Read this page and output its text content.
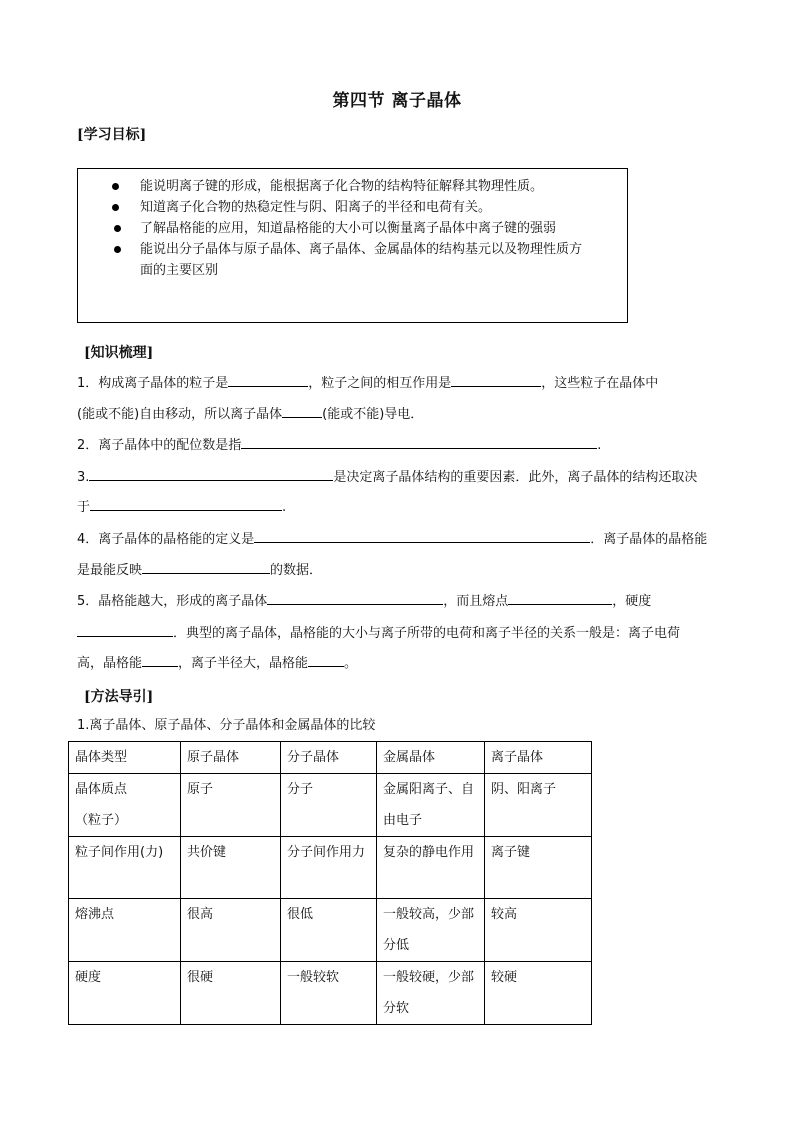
第四节 离子晶体
[学习目标]
能说明离子键的形成，能根据离子化合物的结构特征解释其物理性质。
知道离子化合物的热稳定性与阴、阳离子的半径和电荷有关。
了解晶格能的应用，知道晶格能的大小可以衡量离子晶体中离子键的强弱
能说出分子晶体与原子晶体、离子晶体、金属晶体的结构基元以及物理性质方
面的主要区别
[知识梳理]
1．构成离子晶体的粒子是	，粒子之间的相互作用是	，这些粒子在晶体中
(能或不能)自由移动，所以离子晶体	(能或不能)导电．
2．离子晶体中的配位数是指	.
3.	是决定离子晶体结构的重要因素．此外，离子晶体的结构还取决
于	.
4．离子晶体的晶格能的定义是	．离子晶体的晶格能
是最能反映	的数据．
5．晶格能越大，形成的离子晶体	，而且熔点	，硬度
．典型的离子晶体，晶格能的大小与离子所带的电荷和离子半径的关系一般是：离子电荷
高，晶格能	，离子半径大，晶格能	。
[方法导引]
1.离子晶体、原子晶体、分子晶体和金属晶体的比较
晶体类型	原子晶体	分子晶体	金属晶体	离子晶体

晶体质点（粒子）	原子	分子	金属阳离子、自由电子	阴、阳离子
粒子间作用(力)	共价键	分子间作用力	复杂的静电作用	离子键
熔沸点	很高	很低	一般较高，少部分低	较高
硬度	很硬	一般较软	一般较硬，少部分软	较硬
